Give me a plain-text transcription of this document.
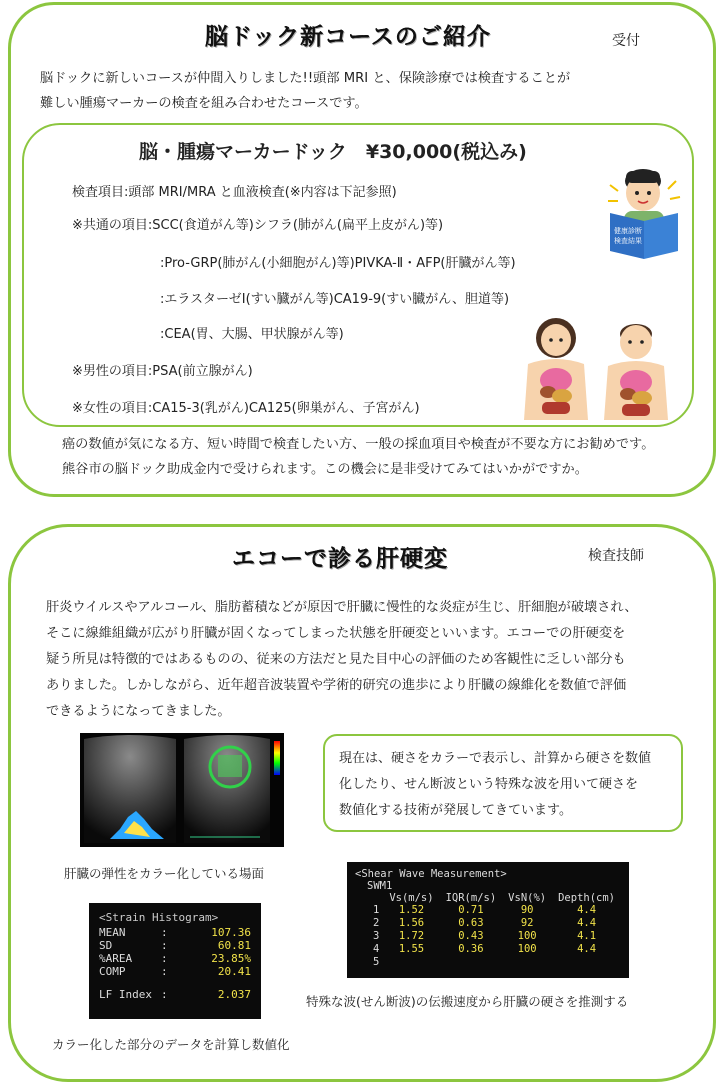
脳ドック新コースのご紹介	受付
脳ドックに新しいコースが仲間入りしました!!頭部 MRI と、保険診療では検査することが
難しい腫瘍マーカーの検査を組み合わせたコースです。
脳・腫瘍マーカードック　¥30,000(税込み)
検査項目:頭部 MRI/MRA と血液検査(※内容は下記参照)
※共通の項目:SCC(食道がん等)シフラ(肺がん(扁平上皮がん)等)
:Pro-GRP(肺がん(小細胞がん)等)PIVKA-Ⅱ・AFP(肝臓がん等)
:エラスターゼⅠ(すい臓がん等)CA19-9(すい臓がん、胆道等)
:CEA(胃、大腸、甲状腺がん等)
※男性の項目:PSA(前立腺がん)
※女性の項目:CA15-3(乳がん)CA125(卵巣がん、子宮がん)
健康診断
検査結果
癌の数値が気になる方、短い時間で検査したい方、一般の採血項目や検査が不要な方にお勧めです。
熊谷市の脳ドック助成金内で受けられます。この機会に是非受けてみてはいかがですか。
エコーで診る肝硬変	検査技師
肝炎ウイルスやアルコール、脂肪蓄積などが原因で肝臓に慢性的な炎症が生じ、肝細胞が破壊され、
そこに線維組織が広がり肝臓が固くなってしまった状態を肝硬変といいます。エコーでの肝硬変を
疑う所見は特徴的ではあるものの、従来の方法だと見た目中心の評価のため客観性に乏しい部分も
ありました。しかしながら、近年超音波装置や学術的研究の進歩により肝臓の線維化を数値で評価
できるようになってきました。
肝臓の弾性をカラー化している場面
現在は、硬さをカラーで表示し、計算から硬さを数値
化したり、せん断波という特殊な波を用いて硬さを
数値化する技術が発展してきています。
<Strain Histogram>
MEAN	:	107.36
SD	:	60.81
%AREA	:	23.85%
COMP	:	20.41
LF Index :	2.037
カラー化した部分のデータを計算し数値化
<Shear Wave Measurement>
SWM1
	Vs(m/s)	IQR(m/s)	VsN(%)	Depth(cm)
1	1.52	0.71	90	4.4
2	1.56	0.63	92	4.4
3	1.72	0.43	100	4.1
4	1.55	0.36	100	4.4
5				
特殊な波(せん断波)の伝搬速度から肝臓の硬さを推測する
